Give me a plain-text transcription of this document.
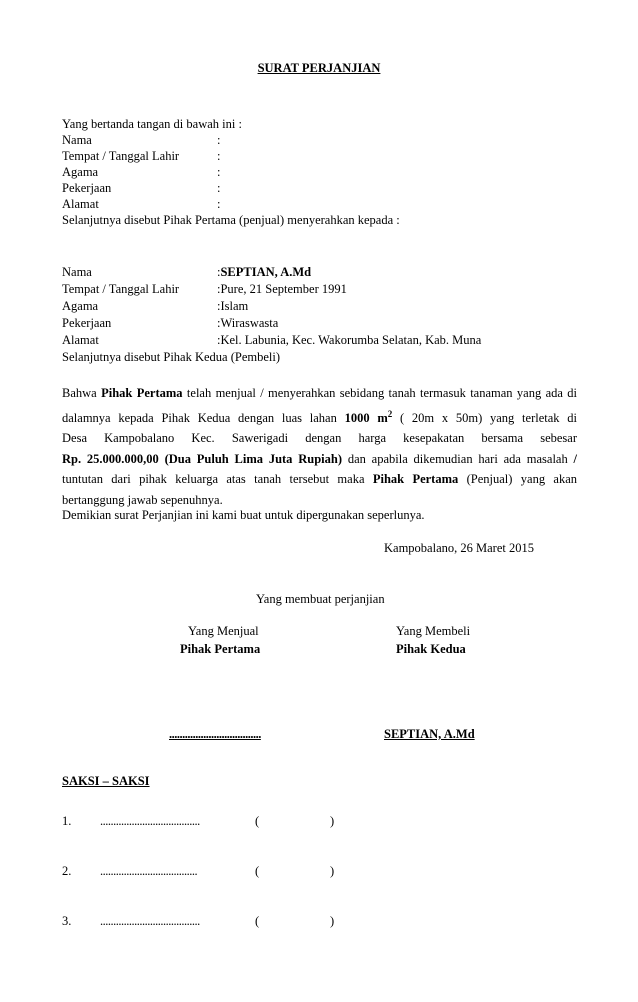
SURAT PERJANJIAN
Yang bertanda tangan di bawah ini :
Nama	:
Tempat / Tanggal Lahir	:
Agama	:
Pekerjaan	:
Alamat	:
Selanjutnya disebut Pihak Pertama (penjual) menyerahkan kepada :
Nama	:SEPTIAN, A.Md
Tempat / Tanggal Lahir	:Pure, 21 September 1991
Agama	:Islam
Pekerjaan	:Wiraswasta
Alamat	:Kel. Labunia, Kec. Wakorumba Selatan, Kab. Muna
Selanjutnya disebut Pihak Kedua (Pembeli)
Bahwa Pihak Pertama telah menjual / menyerahkan sebidang tanah termasuk tanaman yang ada di
dalamnya kepada Pihak Kedua dengan luas lahan 1000 $m^2$ ( 20m x 50m) yang terletak di
Desa Kampobalano Kec. Sawerigadi dengan harga kesepakatan bersama sebesar
Rp. 25.000.000,00 (Dua Puluh Lima Juta Rupiah) dan apabila dikemudian hari ada masalah /
tuntutan dari pihak keluarga atas tanah tersebut maka Pihak Pertama (Penjual) yang akan
bertanggung jawab sepenuhnya.
Demikian surat Perjanjian ini kami buat untuk dipergunakan seperlunya.
Kampobalano, 26 Maret 2015
Yang membuat perjanjian
Yang Menjual
Pihak Pertama
Yang Membeli
Pihak Kedua
...................................	SEPTIAN, A.Md
SAKSI – SAKSI
1. ......................................	(	)
2. .....................................	(	)
3. ......................................	(	)
